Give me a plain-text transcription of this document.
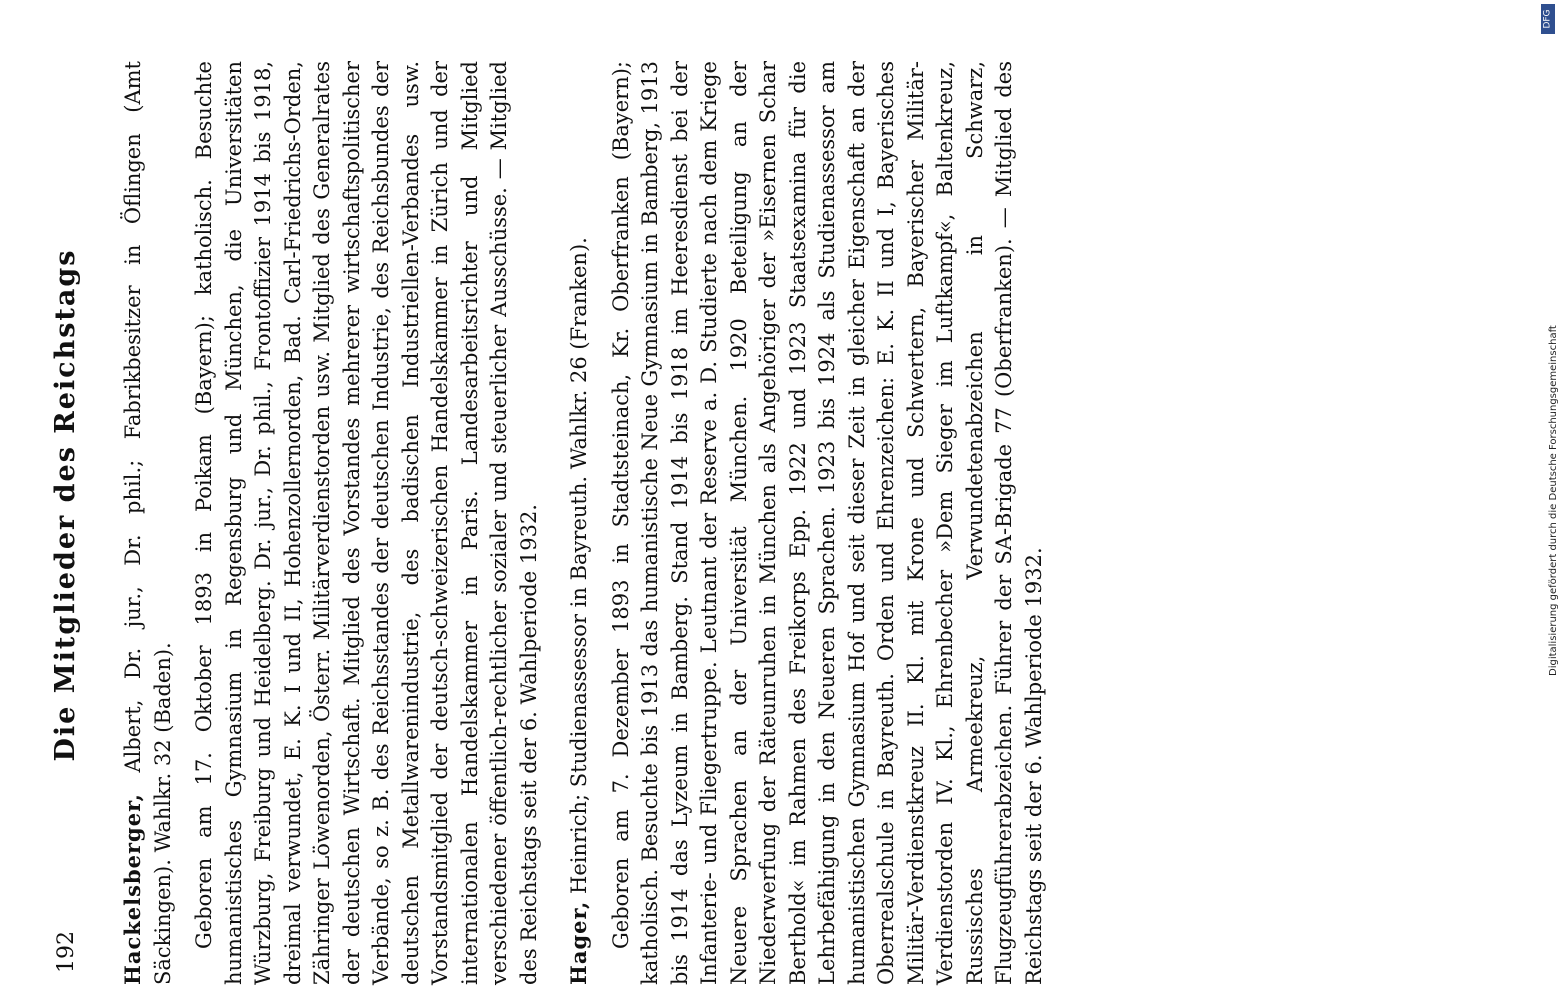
192
Die Mitglieder des Reichstags

Hackelsberger, Albert, Dr. jur., Dr. phil.; Fabrikbesitzer in Öflingen (Amt Säckingen). Wahlkr. 32 (Baden). Geboren am 17. Oktober 1893 in Poikam (Bayern); katholisch. Besuchte humanistisches Gymnasium in Regensburg und München, die Universitäten Würzburg, Freiburg und Heidelberg. Dr. jur., Dr. phil., Frontoffizier 1914 bis 1918, dreimal verwundet, E. K. I und II, Hohenzollernorden, Bad. Carl-Friedrichs-Orden, Zähringer Löwenorden, Österr. Militärverdienstorden usw. Mitglied des Generalrates der deutschen Wirtschaft. Mitglied des Vorstandes mehrerer wirtschaftspolitischer Verbände, so z. B. des Reichsstandes der deutschen Industrie, des Reichsbundes der deutschen Metallwarenindustrie, des badischen Industriellen-Verbandes usw. Vorstandsmitglied der deutsch-schweizerischen Handelskammer in Zürich und der internationalen Handelskammer in Paris. Landesarbeitsrichter und Mitglied verschiedener öffentlich-rechtlicher sozialer und steuerlicher Ausschüsse. — Mitglied des Reichstags seit der 6. Wahlperiode 1932. Hager, Heinrich; Studienassessor in Bayreuth. Wahlkr. 26 (Franken). Geboren am 7. Dezember 1893 in Stadtsteinach, Kr. Oberfranken (Bayern); katholisch. Besuchte bis 1913 das humanistische Neue Gymnasium in Bamberg, 1913 bis 1914 das Lyzeum in Bamberg. Stand 1914 bis 1918 im Heeresdienst bei der Infanterie- und Fliegertruppe. Leutnant der Reserve a. D. Studierte nach dem Kriege Neuere Sprachen an der Universität München. 1920 Beteiligung an der Niederwerfung der Räteunruhen in München als Angehöriger der »Eisernen Schar Berthold« im Rahmen des Freikorps Epp. 1922 und 1923 Staatsexamina für die Lehrbefähigung in den Neueren Sprachen. 1923 bis 1924 als Studienassessor am humanistischen Gymnasium Hof und seit dieser Zeit in gleicher Eigenschaft an der Oberrealschule in Bayreuth. Orden und Ehrenzeichen: E. K. II und I, Bayerisches Militär-Verdienstkreuz II. Kl. mit Krone und Schwertern, Bayerischer Militär-Verdienstorden IV. Kl., Ehrenbecher »Dem Sieger im Luftkampf«, Baltenkreuz, Russisches Armeekreuz, Verwundetenabzeichen in Schwarz, Flugzeugführerabzeichen. Führer der SA-Brigade 77 (Oberfranken). — Mitglied des Reichstags seit der 6. Wahlperiode 1932.

DFG
Digitalisierung gefördert durch die Deutsche Forschungsgemeinschaft
